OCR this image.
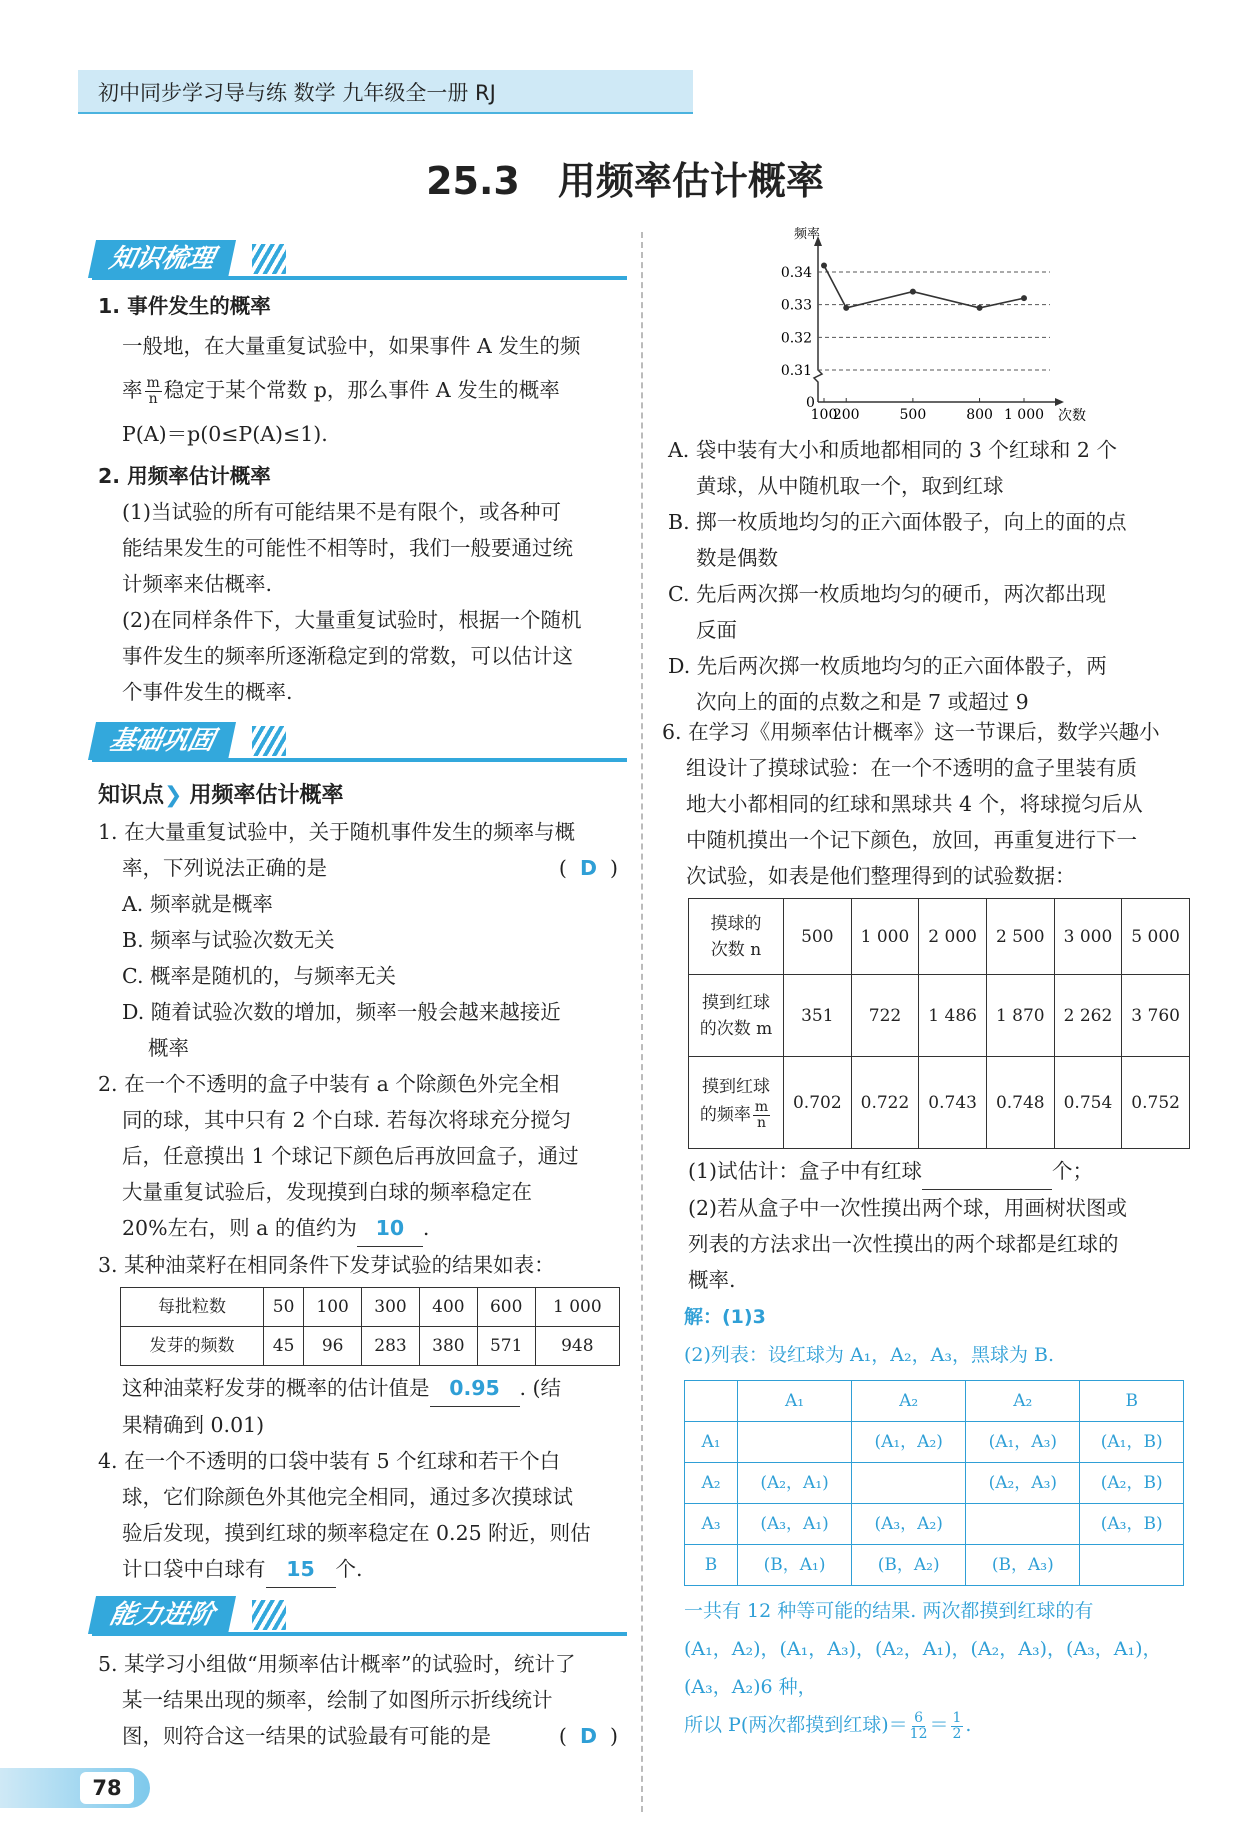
初中同步学习导与练 数学 九年级全一册 RJ
25.3　用频率估计概率
知识梳理
1. 事件发生的概率
一般地，在大量重复试验中，如果事件 A 发生的频
率 $\frac{m}{n}$ 稳定于某个常数 p，那么事件 A 发生的概率
P(A)＝p(0≤P(A)≤1).
2. 用频率估计概率
(1)当试验的所有可能结果不是有限个，或各种可
能结果发生的可能性不相等时，我们一般要通过统
计频率来估概率.
(2)在同样条件下，大量重复试验时，根据一个随机
事件发生的频率所逐渐稳定到的常数，可以估计这
个事件发生的概率.
基础巩固
知识点❯ 用频率估计概率
1. 在大量重复试验中，关于随机事件发生的频率与概
率，下列说法正确的是	(  D  )
A. 频率就是概率
B. 频率与试验次数无关
C. 概率是随机的，与频率无关
D. 随着试验次数的增加，频率一般会越来越接近
概率
2. 在一个不透明的盒子中装有 a 个除颜色外完全相
同的球，其中只有 2 个白球. 若每次将球充分搅匀
后，任意摸出 1 个球记下颜色后再放回盒子，通过
大量重复试验后，发现摸到白球的频率稳定在
20%左右，则 a 的值约为 10 .
3. 某种油菜籽在相同条件下发芽试验的结果如表：
每批粒数	50	100	300	400	600	1 000
发芽的频数	45	96	283	380	571	948
这种油菜籽发芽的概率的估计值是 0.95 . (结
果精确到 0.01)
4. 在一个不透明的口袋中装有 5 个红球和若干个白
球，它们除颜色外其他完全相同，通过多次摸球试
验后发现，摸到红球的频率稳定在 0.25 附近，则估
计口袋中白球有 15 个.
能力进阶
5. 某学习小组做“用频率估计概率”的试验时，统计了
某一结果出现的频率，绘制了如图所示折线统计
图，则符合这一结果的试验最有可能的是	(  D  )
0.31
0.32
0.33
0.34
频率
0
100
200	500	800 1 000 次数
A. 袋中装有大小和质地都相同的 3 个红球和 2 个
黄球，从中随机取一个，取到红球
B. 掷一枚质地均匀的正六面体骰子，向上的面的点
数是偶数
C. 先后两次掷一枚质地均匀的硬币，两次都出现
反面
D. 先后两次掷一枚质地均匀的正六面体骰子，两
次向上的面的点数之和是 7 或超过 9
6. 在学习《用频率估计概率》这一节课后，数学兴趣小
组设计了摸球试验：在一个不透明的盒子里装有质
地大小都相同的红球和黑球共 4 个，将球搅匀后从
中随机摸出一个记下颜色，放回，再重复进行下一
次试验，如表是他们整理得到的试验数据：
摸球的
次数 n	500	1 000	2 000	2 500	3 000	5 000

摸到红球
的次数 m	351	722	1 486	1 870	2 262	3 760

摸到红球
的频率 $\frac{m}{n}$	0.702	0.722	0.743	0.748	0.754	0.752
(1)试估计：盒子中有红球	个；
(2)若从盒子中一次性摸出两个球，用画树状图或
列表的方法求出一次性摸出的两个球都是红球的
概率.
解：(1)3
(2)列表：设红球为 A₁，A₂，A₃，黑球为 B.
	A₁	A₂	A₂	B
A₁		(A₁，A₂)	(A₁，A₃)	(A₁，B)
A₂	(A₂，A₁)		(A₂，A₃)	(A₂，B)
A₃	(A₃，A₁)	(A₃，A₂)		(A₃，B)
B	(B，A₁)	(B，A₂)	(B，A₃)	
一共有 12 种等可能的结果. 两次都摸到红球的有
(A₁，A₂)，(A₁，A₃)，(A₂，A₁)，(A₂，A₃)，(A₃，A₁)，
(A₃，A₂)6 种，
所以 P(两次都摸到红球)＝ $\frac{6}{12} = \frac{1}{2}$ .
78
